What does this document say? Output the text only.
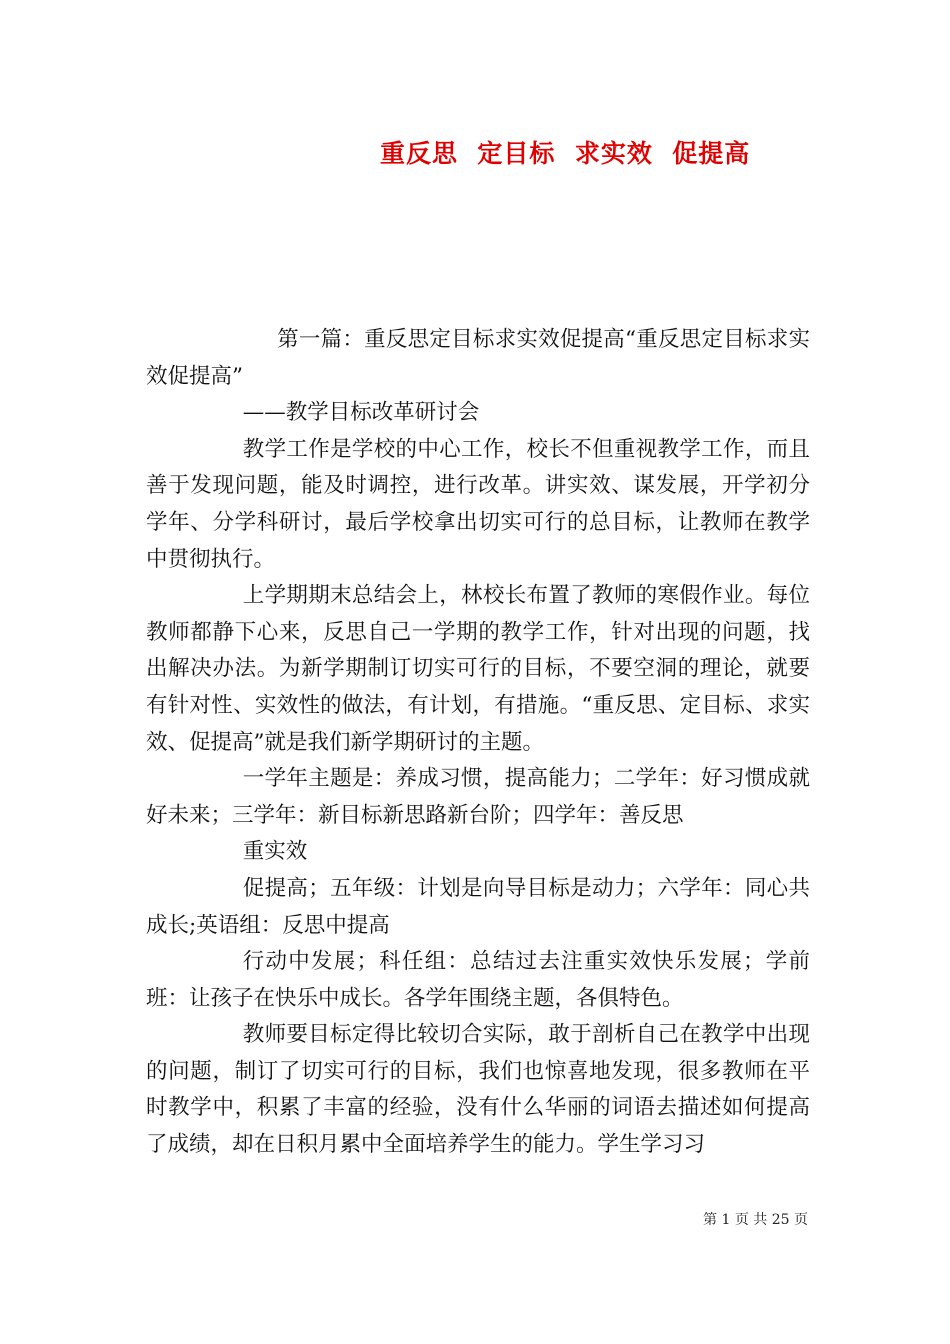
重反思  定目标  求实效  促提高

第一篇：重反思定目标求实效促提高“重反思定目标求实效促提高”

——教学目标改革研讨会

教学工作是学校的中心工作，校长不但重视教学工作，而且善于发现问题，能及时调控，进行改革。讲实效、谋发展，开学初分学年、分学科研讨，最后学校拿出切实可行的总目标，让教师在教学中贯彻执行。

上学期期末总结会上，林校长布置了教师的寒假作业。每位教师都静下心来，反思自己一学期的教学工作，针对出现的问题，找出解决办法。为新学期制订切实可行的目标，不要空洞的理论，就要有针对性、实效性的做法，有计划，有措施。“重反思、定目标、求实效、促提高”就是我们新学期研讨的主题。

一学年主题是：养成习惯，提高能力；二学年：好习惯成就好未来；三学年：新目标新思路新台阶；四学年：善反思

重实效

促提高；五年级：计划是向导目标是动力；六学年：同心共成长;英语组：反思中提高

行动中发展；科任组：总结过去注重实效快乐发展；学前班：让孩子在快乐中成长。各学年围绕主题，各俱特色。

教师要目标定得比较切合实际，敢于剖析自己在教学中出现的问题，制订了切实可行的目标，我们也惊喜地发现，很多教师在平时教学中，积累了丰富的经验，没有什么华丽的词语去描述如何提高了成绩，却在日积月累中全面培养学生的能力。学生学习习

第 1 页 共 25 页
